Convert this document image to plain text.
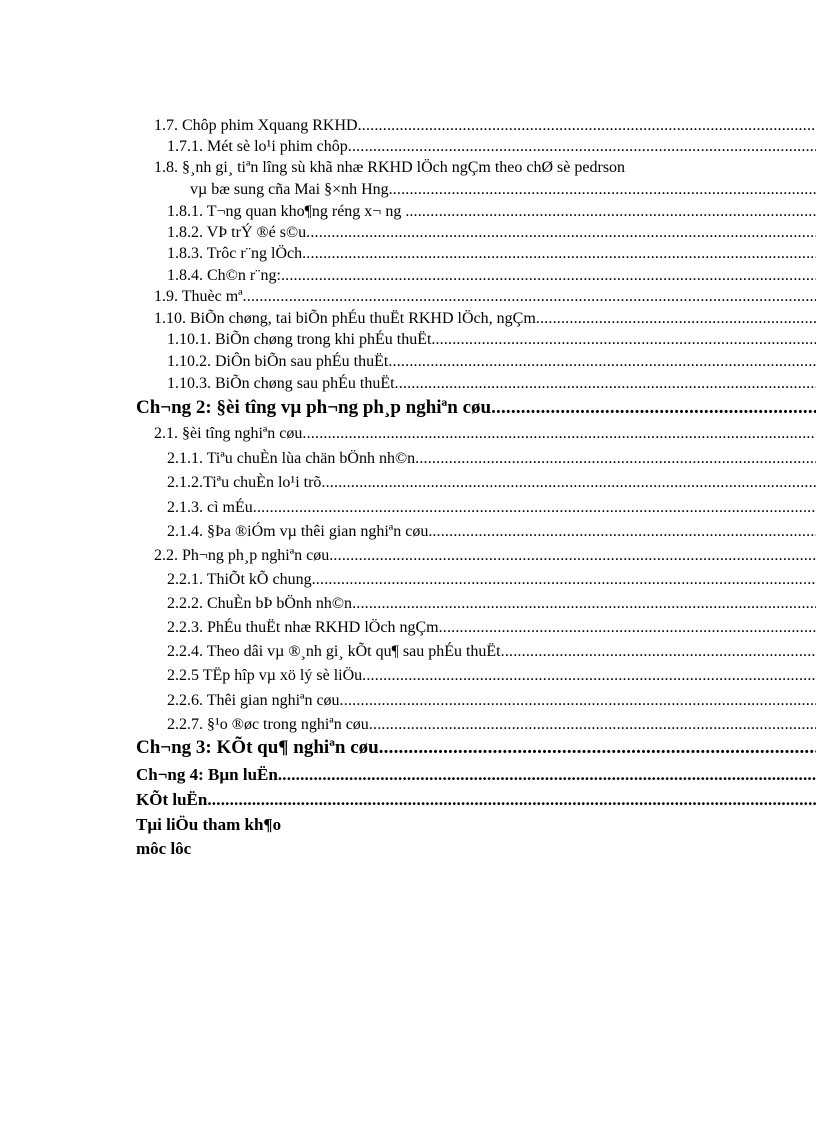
1.7. Chôp phim Xquang RKHD
.....
1.7.1. Mét sè lo¹i phim chôp
.....
1.8. §¸nh gi¸ tiªn lîng sù khã nhæ RKHD lÖch ngÇm theo chØ sè pedrson
vµ bæ sung cña Mai §×nh Hng.
.....
1.8.1. T¬ng quan kho¶ng réng x¬ ng .
.....
1.8.2. VÞ trÝ ®é s©u
.....
1.8.3. Trôc r¨ng lÖch
.....
1.8.4. Ch©n r¨ng:
.....
1.9. Thuèc mª
.....
1.10. BiÕn chøng, tai biÕn phÉu thuËt RKHD lÖch, ngÇm
.....
1.10.1. BiÕn chøng trong khi phÉu thuËt.
.....
1.10.2. DiÔn biÕn sau phÉu thuËt
.....
1.10.3. BiÕn chøng sau phÉu thuËt
.....
Ch¬ng 2: §èi tîng vµ ph¬ng ph¸p nghiªn cøu
.....
2.1. §èi tîng nghiªn cøu
.....
2.1.1. Tiªu chuÈn lùa chän bÖnh nh©n
.....
2.1.2.Tiªu chuÈn lo¹i trõ
.....
2.1.3. cì mÉu
.....
2.1.4. §Þa ®iÓm vµ thêi gian nghiªn cøu.
.....
2.2. Ph¬ng ph¸p nghiªn cøu
.....
2.2.1. ThiÕt kÕ chung
.....
2.2.2. ChuÈn bÞ bÖnh nh©n
.....
2.2.3. PhÉu thuËt nhæ RKHD lÖch ngÇm
.....
2.2.4. Theo dâi vµ ®¸nh gi¸ kÕt qu¶ sau phÉu thuËt
.....
2.2.5 TËp hîp vµ xö lý sè liÖu
.....
2.2.6. Thêi gian nghiªn cøu
.....
2.2.7. §¹o ®øc trong nghiªn cøu
.....
Ch¬ng 3: KÕt qu¶ nghiªn cøu
.....
Ch¬ng 4: Bµn luËn
.....
KÕt luËn
.....
Tµi liÖu tham kh¶o
môc lôc
